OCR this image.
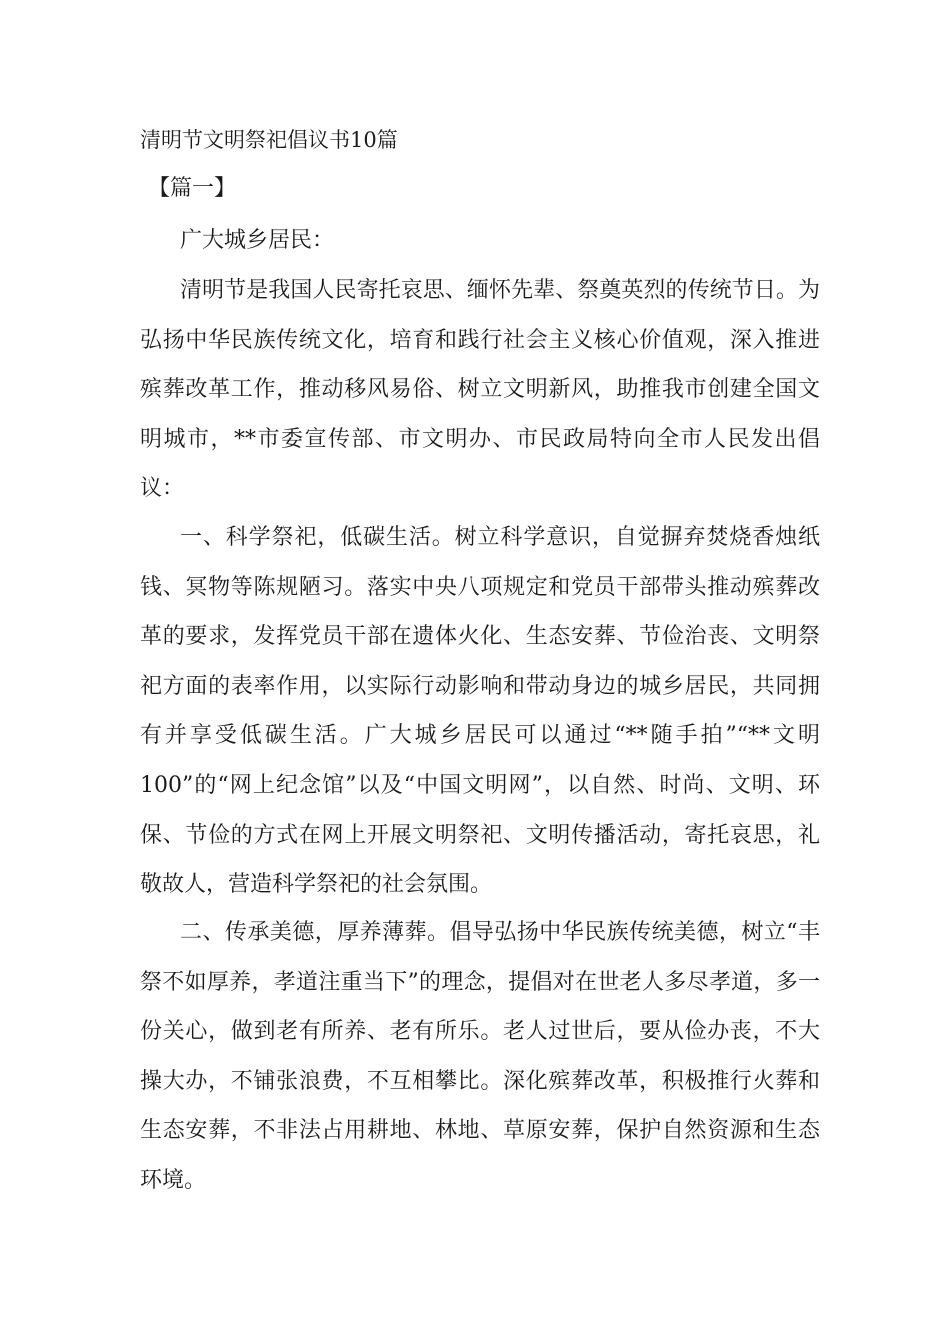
清明节文明祭祀倡议书10篇
【篇一】
广大城乡居民：

清明节是我国人民寄托哀思、缅怀先辈、祭奠英烈的传统节日。为弘扬中华民族传统文化，培育和践行社会主义核心价值观，深入推进殡葬改革工作，推动移风易俗、树立文明新风，助推我市创建全国文明城市，**市委宣传部、市文明办、市民政局特向全市人民发出倡议：

一、科学祭祀，低碳生活。树立科学意识，自觉摒弃焚烧香烛纸钱、冥物等陈规陋习。落实中央八项规定和党员干部带头推动殡葬改革的要求，发挥党员干部在遗体火化、生态安葬、节俭治丧、文明祭祀方面的表率作用，以实际行动影响和带动身边的城乡居民，共同拥有并享受低碳生活。广大城乡居民可以通过“**随手拍”“**文明100”的“网上纪念馆”以及“中国文明网”，以自然、时尚、文明、环保、节俭的方式在网上开展文明祭祀、文明传播活动，寄托哀思，礼敬故人，营造科学祭祀的社会氛围。

二、传承美德，厚养薄葬。倡导弘扬中华民族传统美德，树立“丰祭不如厚养，孝道注重当下”的理念，提倡对在世老人多尽孝道，多一份关心，做到老有所养、老有所乐。老人过世后，要从俭办丧，不大操大办，不铺张浪费，不互相攀比。深化殡葬改革，积极推行火葬和生态安葬，不非法占用耕地、林地、草原安葬，保护自然资源和生态环境。
